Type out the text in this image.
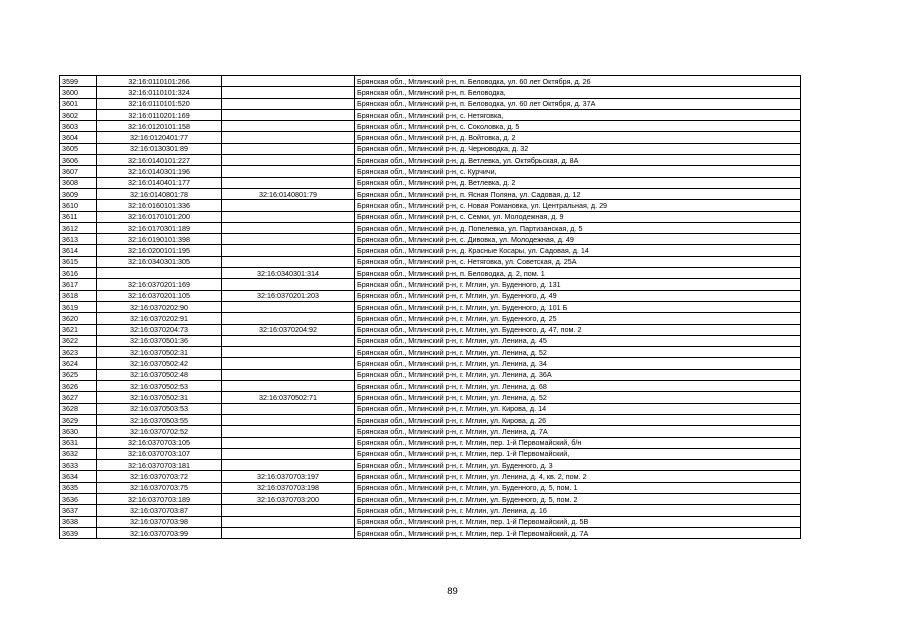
3599	32:16:0110101:266		Брянская обл., Мглинский р-н, п. Беловодка, ул. 60 лет Октября, д. 26
3600	32:16:0110101:324		Брянская обл., Мглинский р-н, п. Беловодка,
3601	32:16:0110101:520		Брянская обл., Мглинский р-н, п. Беловодка, ул. 60 лет Октября, д. 37А
3602	32:16:0110201:169		Брянская обл., Мглинский р-н, с. Нетяговка,
3603	32:16:0120101:158		Брянская обл., Мглинский р-н, с. Соколовка, д. 5
3604	32:16:0120401:77		Брянская обл., Мглинский р-н, д. Войтовка, д. 2
3605	32:16:0130301:89		Брянская обл., Мглинский р-н, д. Черноводка, д. 32
3606	32:16:0140101:227		Брянская обл., Мглинский р-н, д. Ветлевка, ул. Октябрьская, д. 8А
3607	32:16:0140301:196		Брянская обл., Мглинский р-н, с. Курчичи,
3608	32:16:0140401:177		Брянская обл., Мглинский р-н, д. Ветлевка, д. 2
3609	32:16:0140801:78	32:16:0140801:79	Брянская обл., Мглинский р-н, п. Ясная Поляна, ул. Садовая, д. 12
3610	32:16:0160101:336		Брянская обл., Мглинский р-н, с. Новая Романовка, ул. Центральная, д. 29
3611	32:16:0170101:200		Брянская обл., Мглинский р-н, с. Семки, ул. Молодежная, д. 9
3612	32:16:0170301:189		Брянская обл., Мглинский р-н, д. Попелевка, ул. Партизанская, д. 5
3613	32:16:0190101:398		Брянская обл., Мглинский р-н, с. Дивовка, ул. Молодежная, д. 49
3614	32:16:0200101:195		Брянская обл., Мглинский р-н, д. Красные Косары, ул. Садовая, д. 14
3615	32:16:0340301:305		Брянская обл., Мглинский р-н, с. Нетяговка, ул. Советская, д. 25А
3616		32:16:0340301:314	Брянская обл., Мглинский р-н, п. Беловодка, д. 2, пом. 1
3617	32:16:0370201:169		Брянская обл., Мглинский р-н, г. Мглин, ул. Буденного, д. 131
3618	32:16:0370201:105	32:16:0370201:203	Брянская обл., Мглинский р-н, г. Мглин, ул. Буденного, д. 49
3619	32:16:0370202:90		Брянская обл., Мглинский р-н, г. Мглин, ул. Буденного, д. 101 Б
3620	32:16:0370202:91		Брянская обл., Мглинский р-н, г. Мглин, ул. Буденного, д. 25
3621	32:16:0370204:73	32:16:0370204:92	Брянская обл., Мглинский р-н, г. Мглин, ул. Буденного, д. 47, пом. 2
3622	32:16:0370501:36		Брянская обл., Мглинский р-н, г. Мглин, ул. Ленина, д. 45
3623	32:16:0370502:31		Брянская обл., Мглинский р-н, г. Мглин, ул. Ленина, д. 52
3624	32:16:0370502:42		Брянская обл., Мглинский р-н, г. Мглин, ул. Ленина, д. 34
3625	32:16:0370502:48		Брянская обл., Мглинский р-н, г. Мглин, ул. Ленина, д. 36А
3626	32:16:0370502:53		Брянская обл., Мглинский р-н, г. Мглин, ул. Ленина, д. 68
3627	32:16:0370502:31	32:16:0370502:71	Брянская обл., Мглинский р-н, г. Мглин, ул. Ленина, д. 52
3628	32:16:0370503:53		Брянская обл., Мглинский р-н, г. Мглин, ул. Кирова, д. 14
3629	32:16:0370503:55		Брянская обл., Мглинский р-н, г. Мглин, ул. Кирова, д. 26
3630	32:16:0370702:52		Брянская обл., Мглинский р-н, г. Мглин, ул. Ленина, д. 7А
3631	32:16:0370703:105		Брянская обл., Мглинский р-н, г. Мглин, пер. 1-й Первомайский, б/н
3632	32:16:0370703:107		Брянская обл., Мглинский р-н, г. Мглин, пер. 1-й Первомайский,
3633	32:16:0370703:181		Брянская обл., Мглинский р-н, г. Мглин, ул. Буденного, д. 3
3634	32:16:0370703:72	32:16:0370703:197	Брянская обл., Мглинский р-н, г. Мглин, ул. Ленина, д. 4, кв. 2, пом. 2
3635	32:16:0370703:75	32:16:0370703:198	Брянская обл., Мглинский р-н, г. Мглин, ул. Буденного, д. 5, пом. 1
3636	32:16:0370703:189	32:16:0370703:200	Брянская обл., Мглинский р-н, г. Мглин, ул. Буденного, д. 5, пом. 2
3637	32:16:0370703:87		Брянская обл., Мглинский р-н, г. Мглин, ул. Ленина, д. 16
3638	32:16:0370703:98		Брянская обл., Мглинский р-н, г. Мглин, пер. 1-й Первомайский, д. 5В
3639	32:16:0370703:99		Брянская обл., Мглинский р-н, г. Мглин, пер. 1-й Первомайский, д. 7А
89
